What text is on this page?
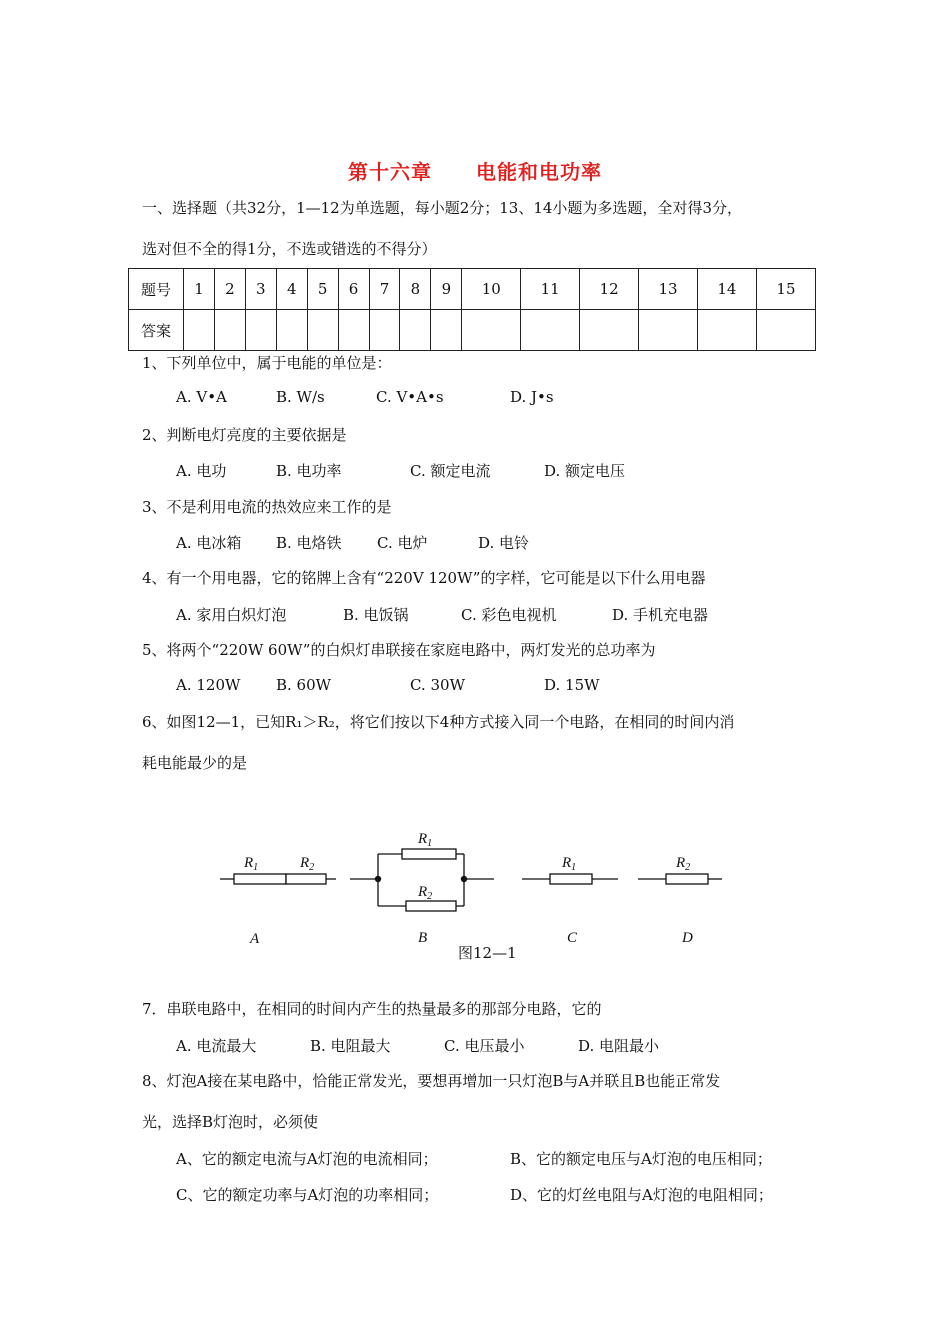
第十六章 电能和电功率
一、选择题（共32分，1—12为单选题，每小题2分；13、14小题为多选题，全对得3分，
选对但不全的得1分，不选或错选的不得分）
题号	1	2	3	4	5	6	7	8	9	10	11	12	13	14	15
答案															
1、下列单位中，属于电能的单位是：
A. V•A	B. W/s	C. V•A•s	D. J•s
2、判断电灯亮度的主要依据是
A. 电功	B. 电功率	C. 额定电流	D. 额定电压
3、不是利用电流的热效应来工作的是
A. 电冰箱 B. 电烙铁 C. 电炉	D. 电铃
4、有一个用电器，它的铭牌上含有“220V 120W”的字样，它可能是以下什么用电器
A. 家用白炽灯泡	B. 电饭锅	C. 彩色电视机	D. 手机充电器
5、将两个“220W 60W”的白炽灯串联接在家庭电路中，两灯发光的总功率为
A. 120W B. 60W	C. 30W	D. 15W
6、如图12—1，已知R₁＞R₂，将它们按以下4种方式接入同一个电路，在相同的时间内消
耗电能最少的是
$R_1$	$R_2$
A
$R_1$
$R_2$
B
$R_1$
C
$R_2$
D
图12—1
7．串联电路中，在相同的时间内产生的热量最多的那部分电路，它的
A. 电流最大	B. 电阻最大	C. 电压最小	D. 电阻最小
8、灯泡A接在某电路中，恰能正常发光，要想再增加一只灯泡B与A并联且B也能正常发
光，选择B灯泡时，必须使
A、它的额定电流与A灯泡的电流相同；	B、它的额定电压与A灯泡的电压相同；
C、它的额定功率与A灯泡的功率相同；	D、它的灯丝电阻与A灯泡的电阻相同；
